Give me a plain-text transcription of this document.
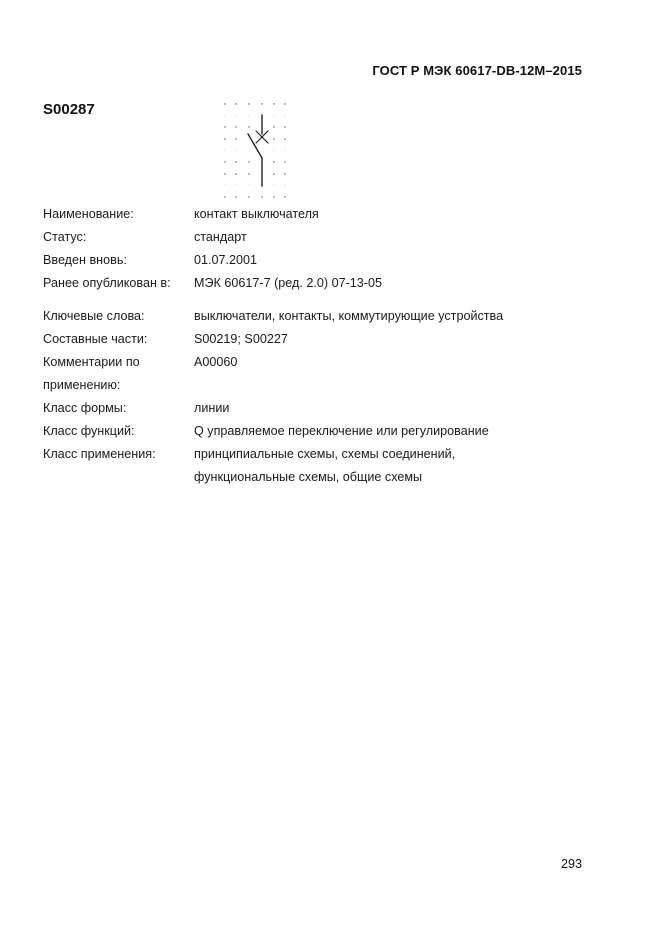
ГОСТ Р МЭК 60617-DB-12M–2015
S00287
Наименование:	контакт выключателя
Статус:	стандарт
Введен вновь:	01.07.2001
Ранее опубликован в:	МЭК 60617-7 (ред. 2.0) 07-13-05
Ключевые слова:	выключатели, контакты, коммутирующие устройства
Составные части:	S00219; S00227
Комментарии по	A00060
применению:
Класс формы:	линии
Класс функций:	Q управляемое переключение или регулирование
Класс применения:	принципиальные схемы, схемы соединений,
функциональные схемы, общие схемы
293
